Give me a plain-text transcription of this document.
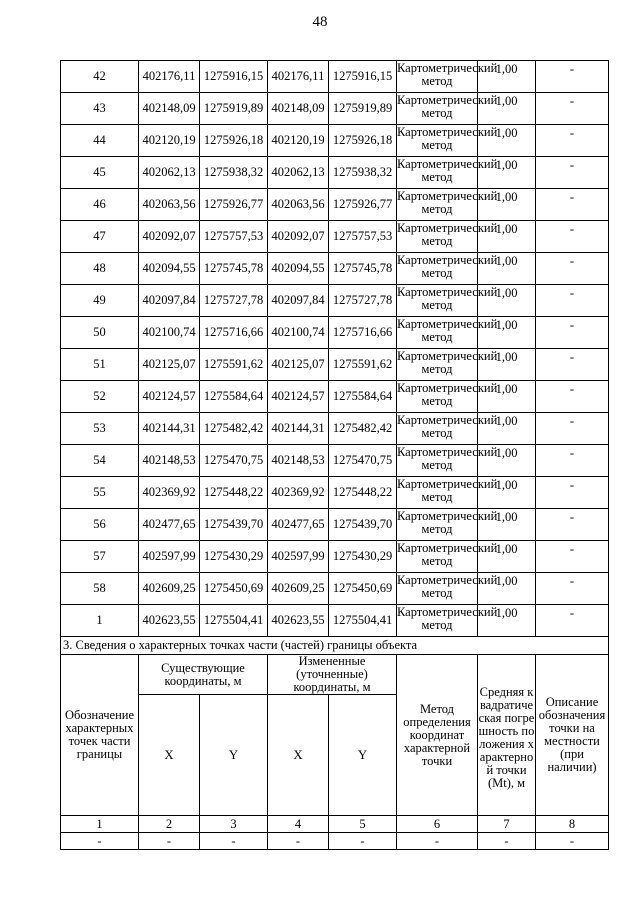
48
42	402176,11	1275916,15	402176,11	1275916,15	Картометрический метод	1,00	-
43	402148,09	1275919,89	402148,09	1275919,89	Картометрический метод	1,00	-
44	402120,19	1275926,18	402120,19	1275926,18	Картометрический метод	1,00	-
45	402062,13	1275938,32	402062,13	1275938,32	Картометрический метод	1,00	-
46	402063,56	1275926,77	402063,56	1275926,77	Картометрический метод	1,00	-
47	402092,07	1275757,53	402092,07	1275757,53	Картометрический метод	1,00	-
48	402094,55	1275745,78	402094,55	1275745,78	Картометрический метод	1,00	-
49	402097,84	1275727,78	402097,84	1275727,78	Картометрический метод	1,00	-
50	402100,74	1275716,66	402100,74	1275716,66	Картометрический метод	1,00	-
51	402125,07	1275591,62	402125,07	1275591,62	Картометрический метод	1,00	-
52	402124,57	1275584,64	402124,57	1275584,64	Картометрический метод	1,00	-
53	402144,31	1275482,42	402144,31	1275482,42	Картометрический метод	1,00	-
54	402148,53	1275470,75	402148,53	1275470,75	Картометрический метод	1,00	-
55	402369,92	1275448,22	402369,92	1275448,22	Картометрический метод	1,00	-
56	402477,65	1275439,70	402477,65	1275439,70	Картометрический метод	1,00	-
57	402597,99	1275430,29	402597,99	1275430,29	Картометрический метод	1,00	-
58	402609,25	1275450,69	402609,25	1275450,69	Картометрический метод	1,00	-
1	402623,55	1275504,41	402623,55	1275504,41	Картометрический метод	1,00	-
3. Сведения о характерных точках части (частей) границы объекта							
Обозначение характерных точек части границы	Существующие координаты, м		Измененные (уточненные) координаты, м		Метод определения координат характерной точки	Средняя квадратическая погрешность положения характерной точки (Mt), м	Описание обозначения точки на местности (при наличии)
	X	Y	X	Y			
1	2	3	4	5	6	7	8
-	-	-	-	-	-	-	-
